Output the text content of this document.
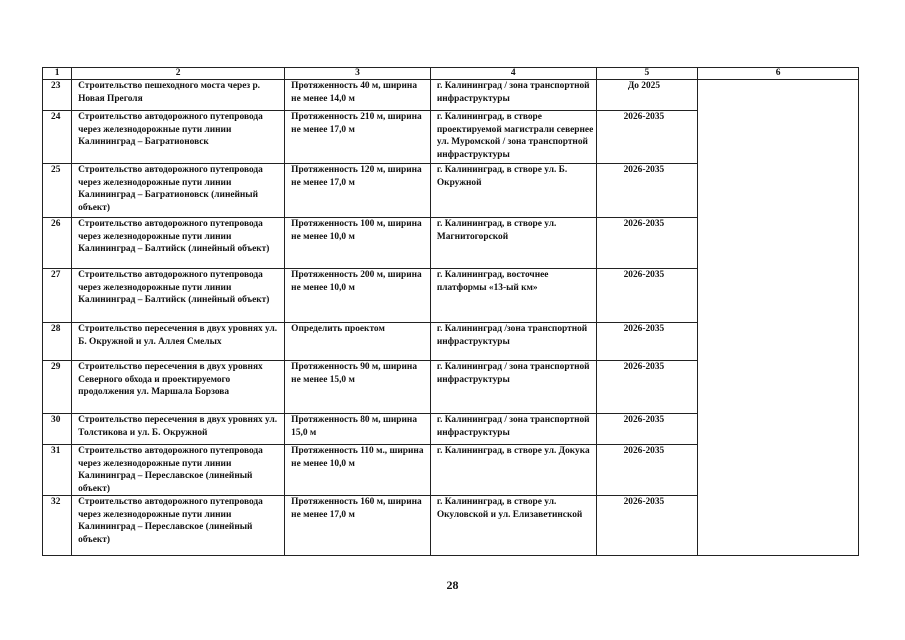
1	2	3	4	5	6
23	Строительство пешеходного моста через р. Новая Преголя	Протяженность 40 м, ширина не менее 14,0 м	г. Калининград / зона транспортной инфраструктуры	До 2025	
24	Строительство автодорожного путепровода через железнодорожные пути линии Калининград – Багратионовск	Протяженность 210 м, ширина не менее 17,0 м	г. Калининград, в створе проектируемой магистрали севернее ул. Муромской / зона транспортной инфраструктуры	2026-2035	
25	Строительство автодорожного путепровода через железнодорожные пути линии Калининград – Багратионовск (линейный объект)	Протяженность 120 м, ширина не менее 17,0 м	г. Калининград, в створе ул. Б. Окружной	2026-2035	
26	Строительство автодорожного путепровода через железнодорожные пути линии Калининград – Балтийск (линейный объект)	Протяженность 100 м, ширина не менее 10,0 м	г. Калининград, в створе ул. Магнитогорской	2026-2035	
27	Строительство автодорожного путепровода через железнодорожные пути линии Калининград – Балтийск (линейный объект)	Протяженность 200 м, ширина не менее 10,0 м	г. Калининград, восточнее платформы «13-ый км»	2026-2035	
28	Строительство пересечения в двух уровнях ул. Б. Окружной и ул. Аллея Смелых	Определить проектом	г. Калининград /зона транспортной инфраструктуры	2026-2035	
29	Строительство пересечения в двух уровнях Северного обхода и проектируемого продолжения ул. Маршала Борзова	Протяженность 90 м, ширина не менее 15,0 м	г. Калининград / зона транспортной инфраструктуры	2026-2035	
30	Строительство пересечения в двух уровнях ул. Толстикова и ул. Б. Окружной	Протяженность 80 м, ширина 15,0 м	г. Калининград / зона транспортной инфраструктуры	2026-2035	
31	Строительство автодорожного путепровода через железнодорожные пути линии Калининград – Переславское (линейный объект)	Протяженность 110 м., ширина не менее 10,0 м	г. Калининград, в створе ул. Докука	2026-2035	
32	Строительство автодорожного путепровода через железнодорожные пути линии Калининград – Переславское (линейный объект)	Протяженность 160 м, ширина не менее 17,0 м	г. Калининград, в створе ул. Окуловской и ул. Елизаветинской	2026-2035	
28
